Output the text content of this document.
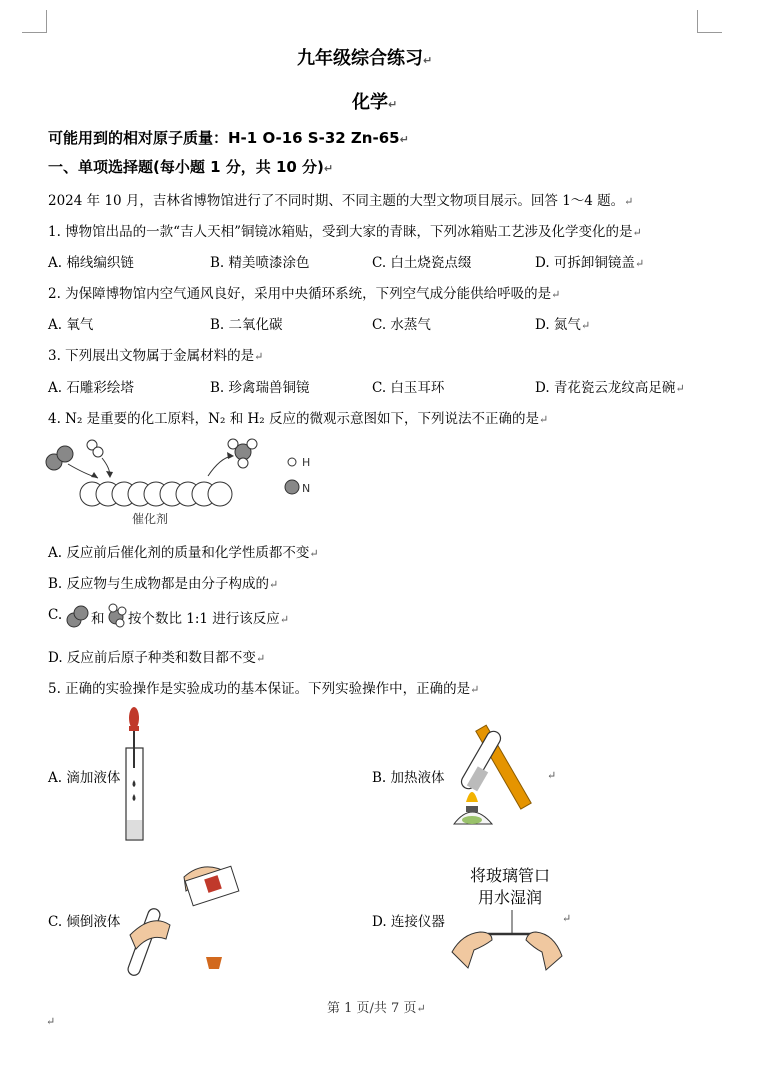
九年级综合练习↵
化学↵
可能用到的相对原子质量：H-1 O-16 S-32 Zn-65↵
一、单项选择题(每小题 1 分，共 10 分)↵
2024 年 10 月，吉林省博物馆进行了不同时期、不同主题的大型文物项目展示。回答 1～4 题。↵
1. 博物馆出品的一款“吉人天相”铜镜冰箱贴，受到大家的青睐，下列冰箱贴工艺涉及化学变化的是↵
A. 棉线编织链	B. 精美喷漆涂色	C. 白土烧瓷点缀	D. 可拆卸铜镜盖↵
2. 为保障博物馆内空气通风良好，采用中央循环系统，下列空气成分能供给呼吸的是↵
A. 氧气	B. 二氧化碳	C. 水蒸气	D. 氮气↵
3. 下列展出文物属于金属材料的是↵
A. 石雕彩绘塔	B. 珍禽瑞兽铜镜	C. 白玉耳环	D. 青花瓷云龙纹高足碗↵
4. N₂ 是重要的化工原料，N₂ 和 H₂ 反应的微观示意图如下，下列说法不正确的是↵
催化剂
H
N
A. 反应前后催化剂的质量和化学性质都不变↵
B. 反应物与生成物都是由分子构成的↵
C. 和 按个数比 1:1 进行该反应↵
D. 反应前后原子种类和数目都不变↵
5. 正确的实验操作是实验成功的基本保证。下列实验操作中，正确的是↵
A. 滴加液体	B. 加热液体	↵
C. 倾倒液体	D. 连接仪器
将玻璃管口
用水湿润
↵
第 1 页/共 7 页↵
↵
